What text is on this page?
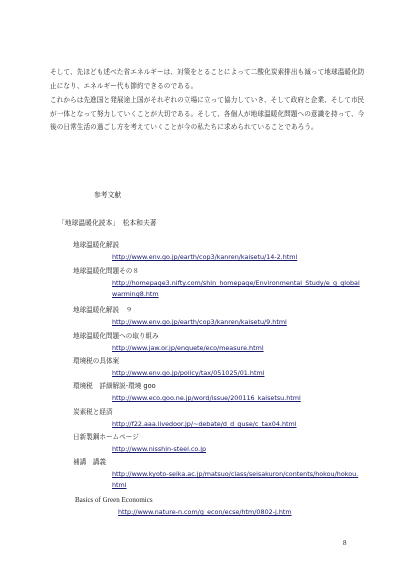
そして、先ほども述べた省エネルギーは、対策をとることによって二酸化炭素排出も減って地球温暖化防止になり、エネルギー代も節約できるのである。

これからは先進国と発展途上国がそれぞれの立場に立って協力していき、そして政府と企業、そして市民が一体となって努力していくことが大切である。そして、各個人が地球温暖化問題への意識を持って、今後の日常生活の過ごし方を考えていくことが今の私たちに求められていることであろう。

参考文献
「地球温暖化読本」　松本和夫著
地球温暖化解説
http://www.env.go.jp/earth/cop3/kanren/kaisetu/14-2.html
地球温暖化問題その８
http://homepage3.nifty.com/shin_homepage/Environmental_Study/e_g_globalwarming8.htm
地球温暖化解説　９
http://www.env.go.jp/earth/cop3/kanren/kaisetu/9.html
地球温暖化問題への取り組み
http://www.jaw.or.jp/enquete/eco/measure.html
環境税の具体案
http://www.env.go.jp/policy/tax/051025/01.html
環境税　詳細解説-環境 goo
http://www.eco.goo.ne.jp/word/issue/200116_kaisetsu.html
炭素税と経済
http://f22.aaa.livedoor.jp/~debate/d_d_guse/c_tax04.html
日新製鋼ホームページ
http://www.nisshin-steel.co.jp
補講　講義
http://www.kyoto-seika.ac.jp/matsuo/class/seisakuron/contents/hokou/hokou.html
Basics of Green Economics
http://www.nature-n.com/g_econ/ecse/htm/0802-j.htm
8
